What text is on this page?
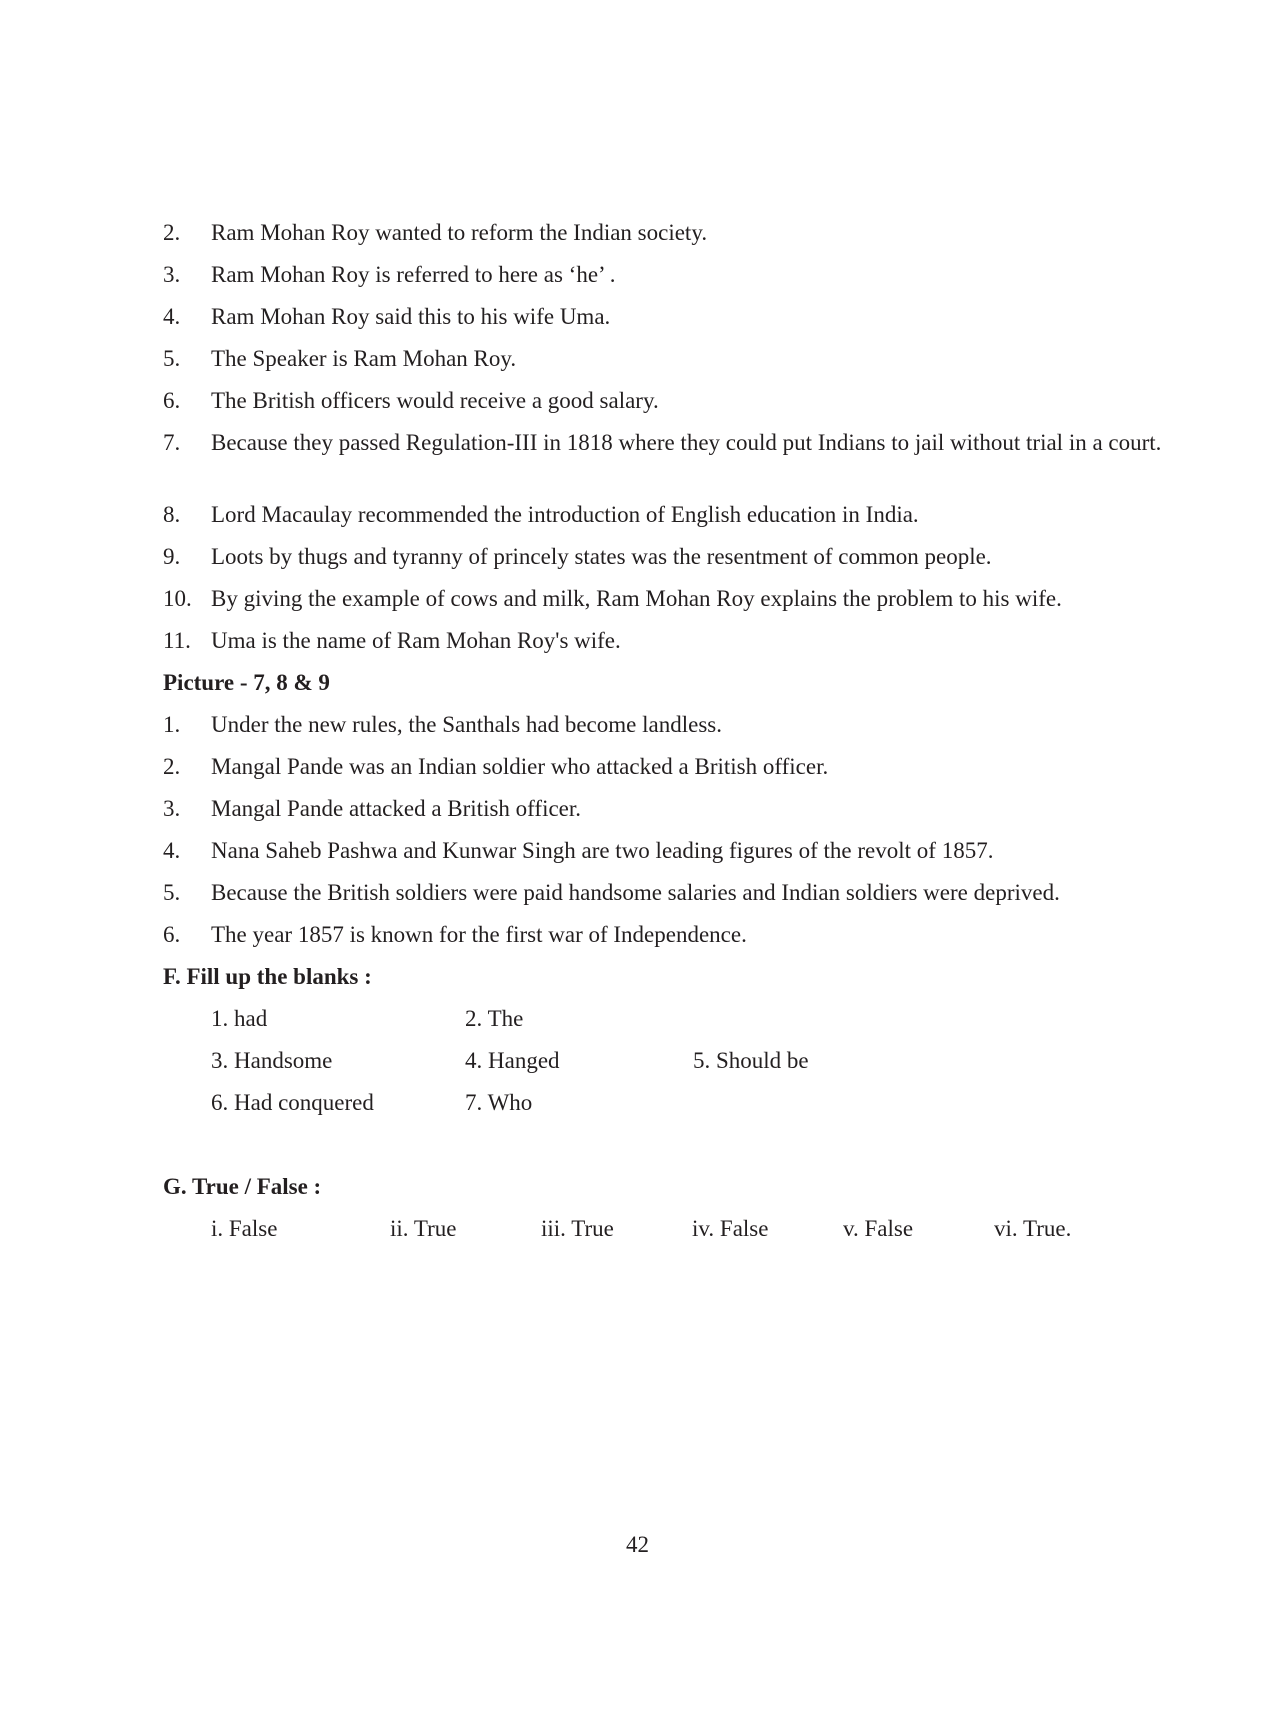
2.	Ram Mohan Roy wanted to reform the Indian society.
3.	Ram Mohan Roy is referred to here as ‘he’ .
4.	Ram Mohan Roy said this to his wife Uma.
5.	The Speaker is Ram Mohan Roy.
6.	The British officers would receive a good salary.
7.	Because they passed Regulation-III in 1818 where they could put Indians to jail without trial in a court.
8.	Lord Macaulay recommended the introduction of English education in India.
9.	Loots by thugs and tyranny of princely states was the resentment of common people.
10. By giving the example of cows and milk, Ram Mohan Roy explains the problem to his wife.
11. Uma is the name of Ram Mohan Roy's wife.
Picture - 7, 8 & 9
1.	Under the new rules, the Santhals had become landless.
2.	Mangal Pande was an Indian soldier who attacked a British officer.
3.	Mangal Pande attacked a British officer.
4.	Nana Saheb Pashwa and Kunwar Singh are two leading figures of the revolt of 1857.
5.	Because the British soldiers were paid handsome salaries and Indian soldiers were deprived.
6.	The year 1857 is known for the first war of Independence.
F. Fill up the blanks :
1. had	2. The
3. Handsome	4. Hanged	5. Should be
6. Had conquered	7. Who
G. True / False :
i. False	ii. True	iii. True	iv. False	v. False	vi. True.
42
